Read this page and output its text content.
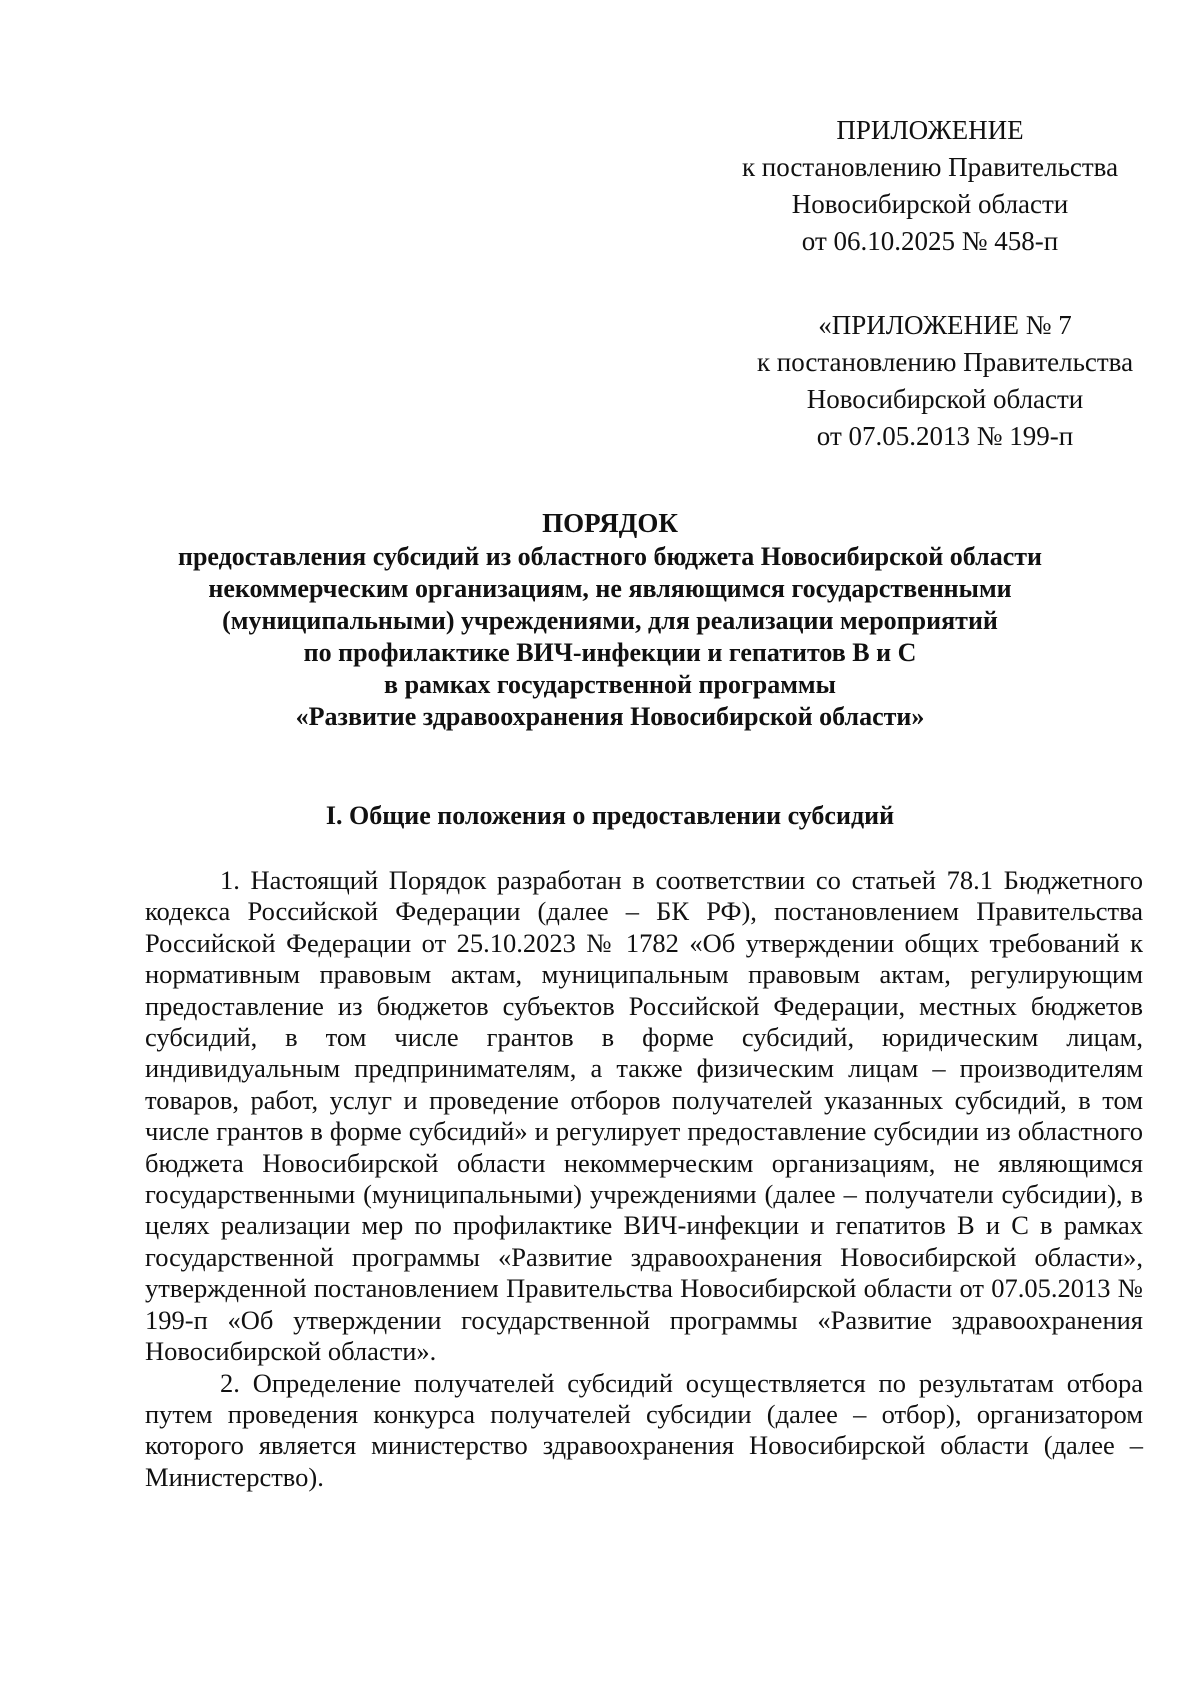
ПРИЛОЖЕНИЕ
к постановлению Правительства
Новосибирской области
от 06.10.2025 № 458-п
«ПРИЛОЖЕНИЕ № 7
к постановлению Правительства
Новосибирской области
от 07.05.2013 № 199-п
ПОРЯДОК
предоставления субсидий из областного бюджета Новосибирской области
некоммерческим организациям, не являющимся государственными
(муниципальными) учреждениями, для реализации мероприятий
по профилактике ВИЧ-инфекции и гепатитов В и С
в рамках государственной программы
«Развитие здравоохранения Новосибирской области»
I. Общие положения о предоставлении субсидий

1. Настоящий Порядок разработан в соответствии со статьей 78.1 Бюджетного кодекса Российской Федерации (далее – БК РФ), постановлением Правительства Российской Федерации от 25.10.2023 № 1782 «Об утверждении общих требований к нормативным правовым актам, муниципальным правовым актам, регулирующим предоставление из бюджетов субъектов Российской Федерации, местных бюджетов субсидий, в том числе грантов в форме субсидий, юридическим лицам, индивидуальным предпринимателям, а также физическим лицам – производителям товаров, работ, услуг и проведение отборов получателей указанных субсидий, в том числе грантов в форме субсидий» и регулирует предоставление субсидии из областного бюджета Новосибирской области некоммерческим организациям, не являющимся государственными (муниципальными) учреждениями (далее – получатели субсидии), в целях реализации мер по профилактике ВИЧ-инфекции и гепатитов В и С в рамках государственной программы «Развитие здравоохранения Новосибирской области», утвержденной постановлением Правительства Новосибирской области от 07.05.2013 № 199-п «Об утверждении государственной программы «Развитие здравоохранения Новосибирской области».

2. Определение получателей субсидий осуществляется по результатам отбора путем проведения конкурса получателей субсидии (далее – отбор), организатором которого является министерство здравоохранения Новосибирской области (далее – Министерство).
